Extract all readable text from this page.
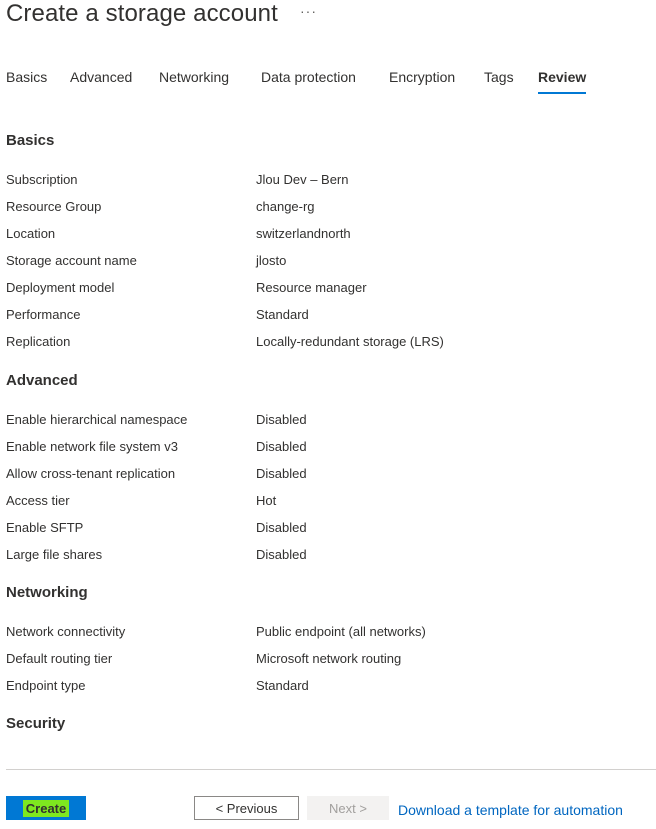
Create a storage account ···
Basics Advanced Networking Data protection Encryption Tags Review
Basics
Subscription	Jlou Dev – Bern
Resource Group	change-rg
Location	switzerlandnorth
Storage account name	jlosto
Deployment model	Resource manager
Performance	Standard
Replication	Locally-redundant storage (LRS)
Advanced
Enable hierarchical namespace	Disabled
Enable network file system v3	Disabled
Allow cross-tenant replication	Disabled
Access tier	Hot
Enable SFTP	Disabled
Large file shares	Disabled
Networking
Network connectivity	Public endpoint (all networks)
Default routing tier	Microsoft network routing
Endpoint type	Standard
Security
Create	< Previous	Next >	Download a template for automation
